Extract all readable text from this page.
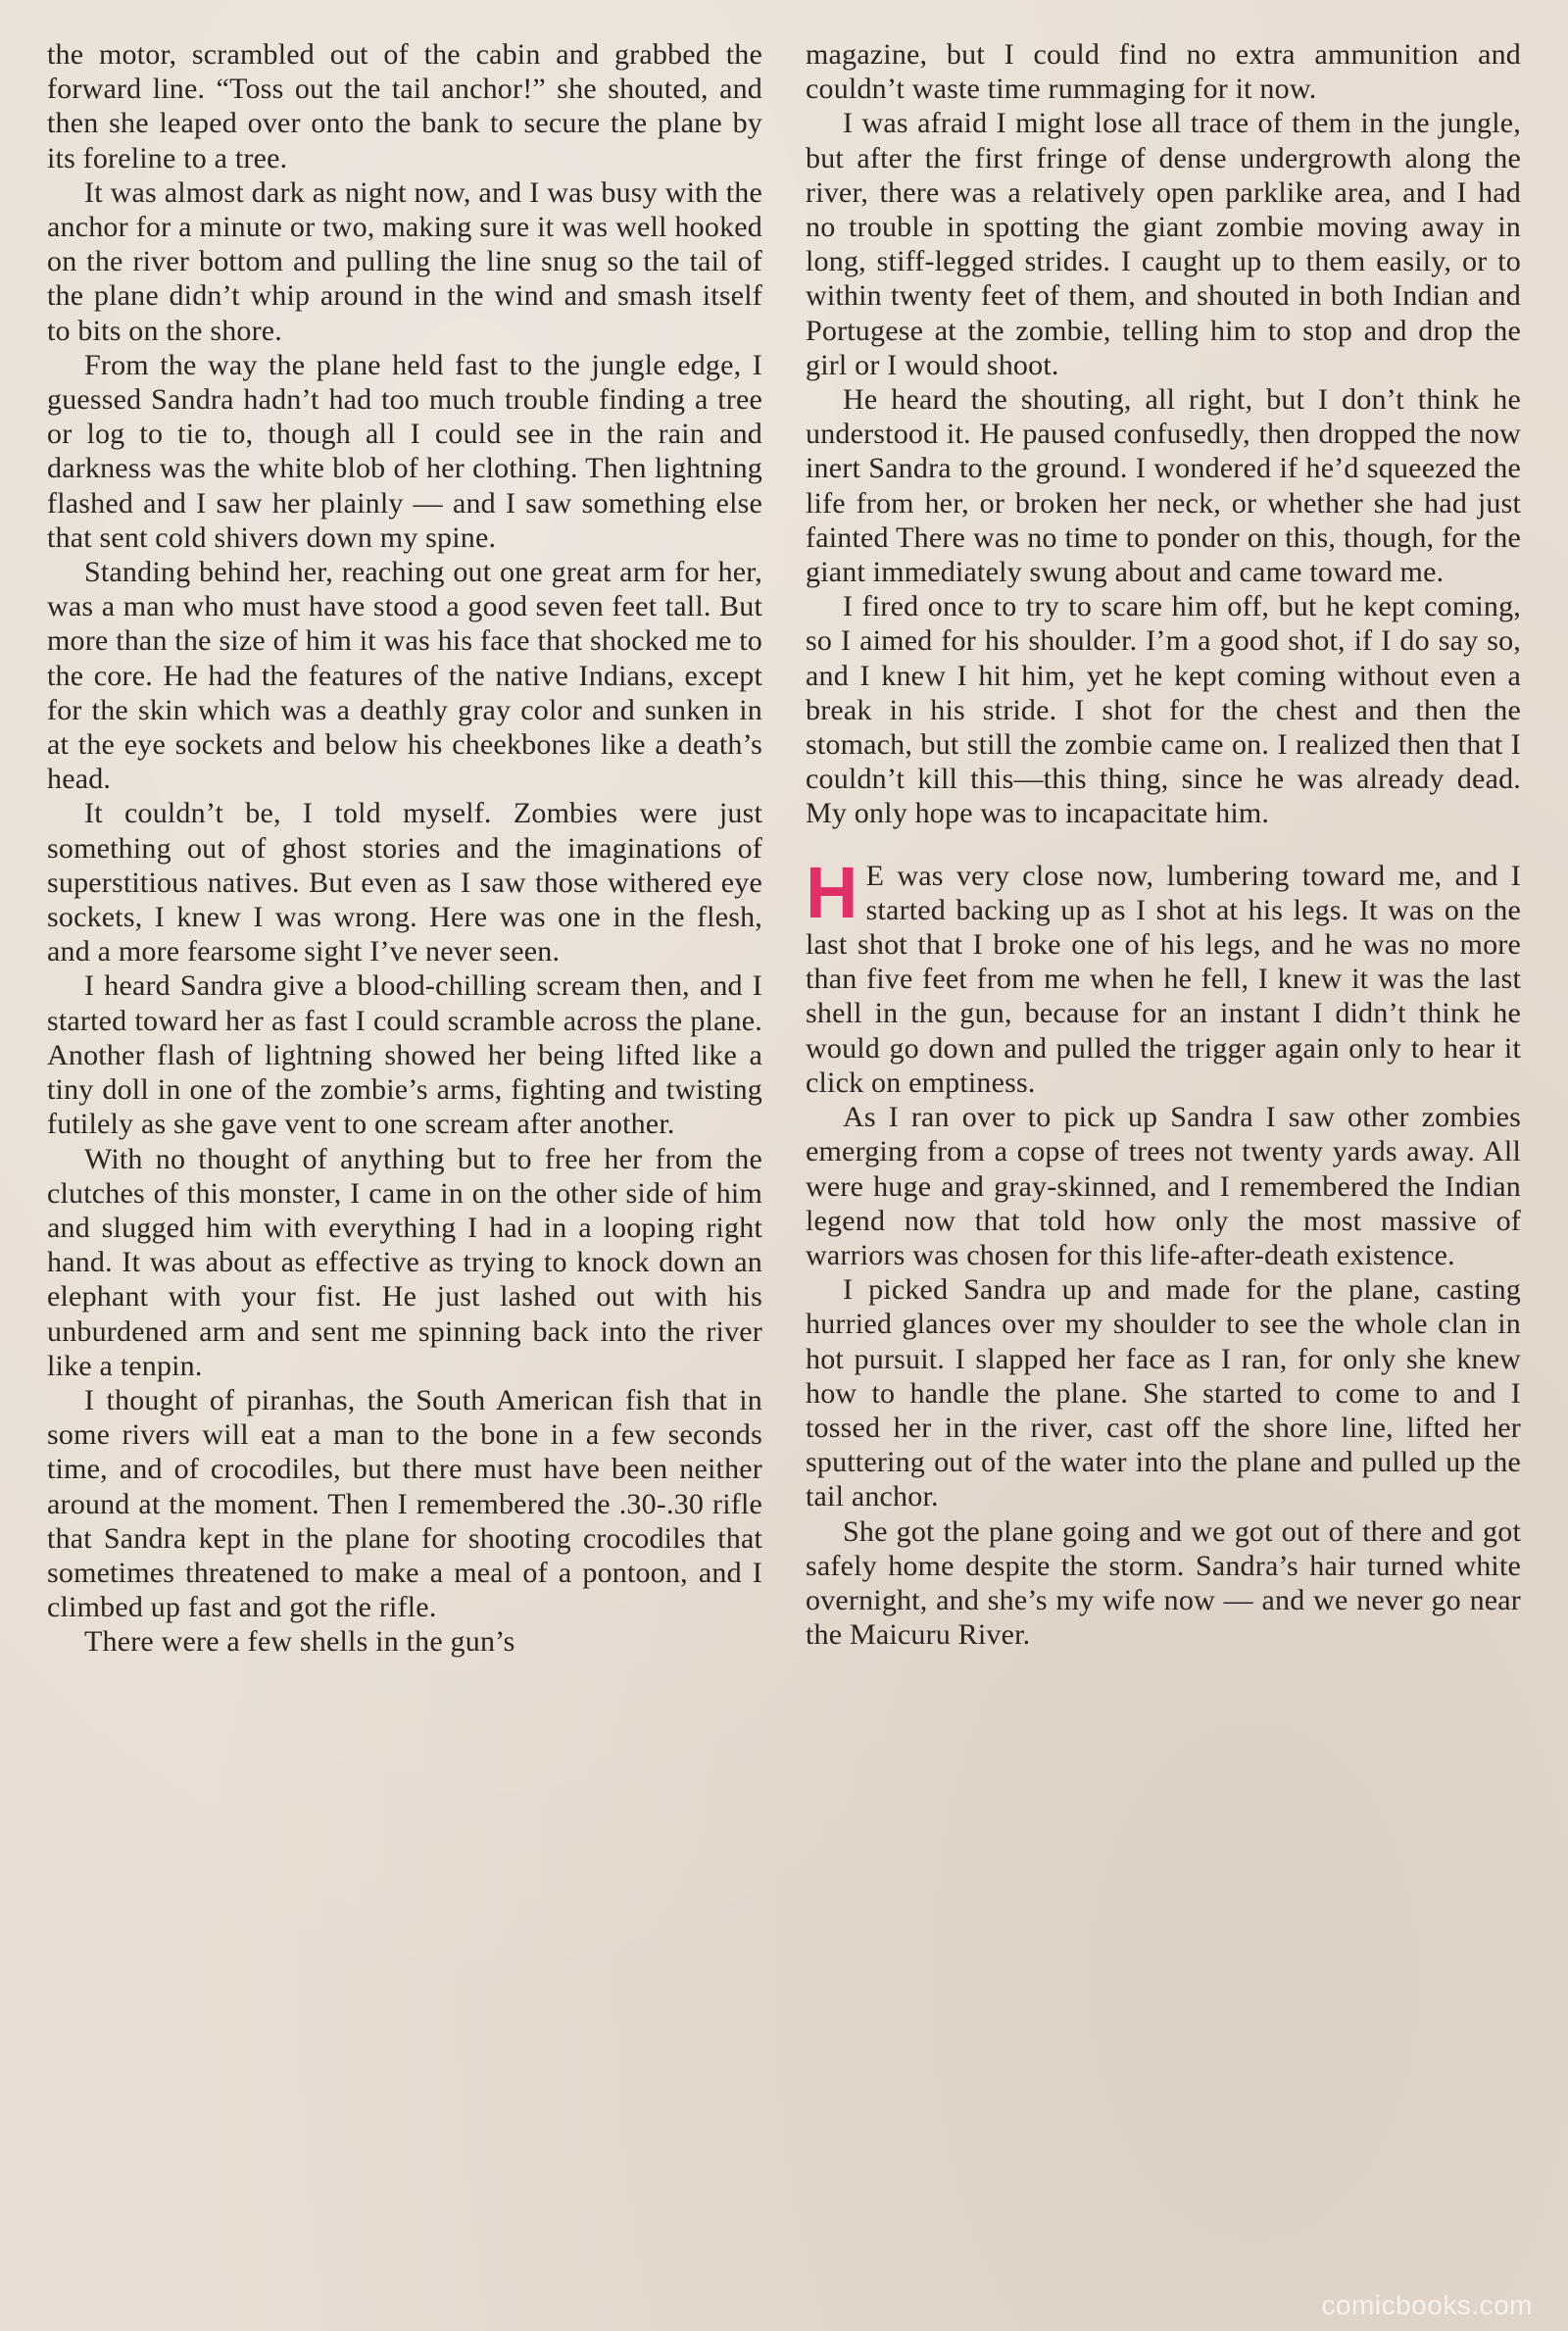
the motor, scrambled out of the cabin and grabbed the forward line. “Toss out the tail anchor!” she shouted, and then she leaped over onto the bank to secure the plane by its foreline to a tree.

It was almost dark as night now, and I was busy with the anchor for a minute or two, making sure it was well hooked on the river bottom and pulling the line snug so the tail of the plane didn’t whip around in the wind and smash itself to bits on the shore.

From the way the plane held fast to the jungle edge, I guessed Sandra hadn’t had too much trouble finding a tree or log to tie to, though all I could see in the rain and darkness was the white blob of her clothing. Then lightning flashed and I saw her plainly — and I saw something else that sent cold shivers down my spine.

Standing behind her, reaching out one great arm for her, was a man who must have stood a good seven feet tall. But more than the size of him it was his face that shocked me to the core. He had the features of the native Indians, except for the skin which was a deathly gray color and sunken in at the eye sockets and below his cheekbones like a death’s head.

It couldn’t be, I told myself. Zombies were just something out of ghost stories and the imaginations of superstitious natives. But even as I saw those withered eye sockets, I knew I was wrong. Here was one in the flesh, and a more fearsome sight I’ve never seen.

I heard Sandra give a blood-chilling scream then, and I started toward her as fast I could scramble across the plane. Another flash of lightning showed her being lifted like a tiny doll in one of the zombie’s arms, fighting and twisting futilely as she gave vent to one scream after another.

With no thought of anything but to free her from the clutches of this monster, I came in on the other side of him and slugged him with everything I had in a looping right hand. It was about as effective as trying to knock down an elephant with your fist. He just lashed out with his unburdened arm and sent me spinning back into the river like a tenpin.

I thought of piranhas, the South American fish that in some rivers will eat a man to the bone in a few seconds time, and of crocodiles, but there must have been neither around at the moment. Then I remembered the .30-.30 rifle that Sandra kept in the plane for shooting crocodiles that sometimes threatened to make a meal of a pontoon, and I climbed up fast and got the rifle.

There were a few shells in the gun’s

magazine, but I could find no extra ammunition and couldn’t waste time rummaging for it now.

I was afraid I might lose all trace of them in the jungle, but after the first fringe of dense undergrowth along the river, there was a relatively open parklike area, and I had no trouble in spotting the giant zombie moving away in long, stiff-legged strides. I caught up to them easily, or to within twenty feet of them, and shouted in both Indian and Portugese at the zombie, telling him to stop and drop the girl or I would shoot.

He heard the shouting, all right, but I don’t think he understood it. He paused confusedly, then dropped the now inert Sandra to the ground. I wondered if he’d squeezed the life from her, or broken her neck, or whether she had just fainted There was no time to ponder on this, though, for the giant immediately swung about and came toward me.

I fired once to try to scare him off, but he kept coming, so I aimed for his shoulder. I’m a good shot, if I do say so, and I knew I hit him, yet he kept coming without even a break in his stride. I shot for the chest and then the stomach, but still the zombie came on. I realized then that I couldn’t kill this—this thing, since he was already dead. My only hope was to incapacitate him.

H E was very close now, lumbering toward me, and I started backing up as I shot at his legs. It was on the last shot that I broke one of his legs, and he was no more than five feet from me when he fell, I knew it was the last shell in the gun, because for an instant I didn’t think he would go down and pulled the trigger again only to hear it click on emptiness.

As I ran over to pick up Sandra I saw other zombies emerging from a copse of trees not twenty yards away. All were huge and gray-skinned, and I remembered the Indian legend now that told how only the most massive of warriors was chosen for this life-after-death existence.

I picked Sandra up and made for the plane, casting hurried glances over my shoulder to see the whole clan in hot pursuit. I slapped her face as I ran, for only she knew how to handle the plane. She started to come to and I tossed her in the river, cast off the shore line, lifted her sputtering out of the water into the plane and pulled up the tail anchor.

She got the plane going and we got out of there and got safely home despite the storm. Sandra’s hair turned white overnight, and she’s my wife now — and we never go near the Maicuru River.

comicbooks.com
